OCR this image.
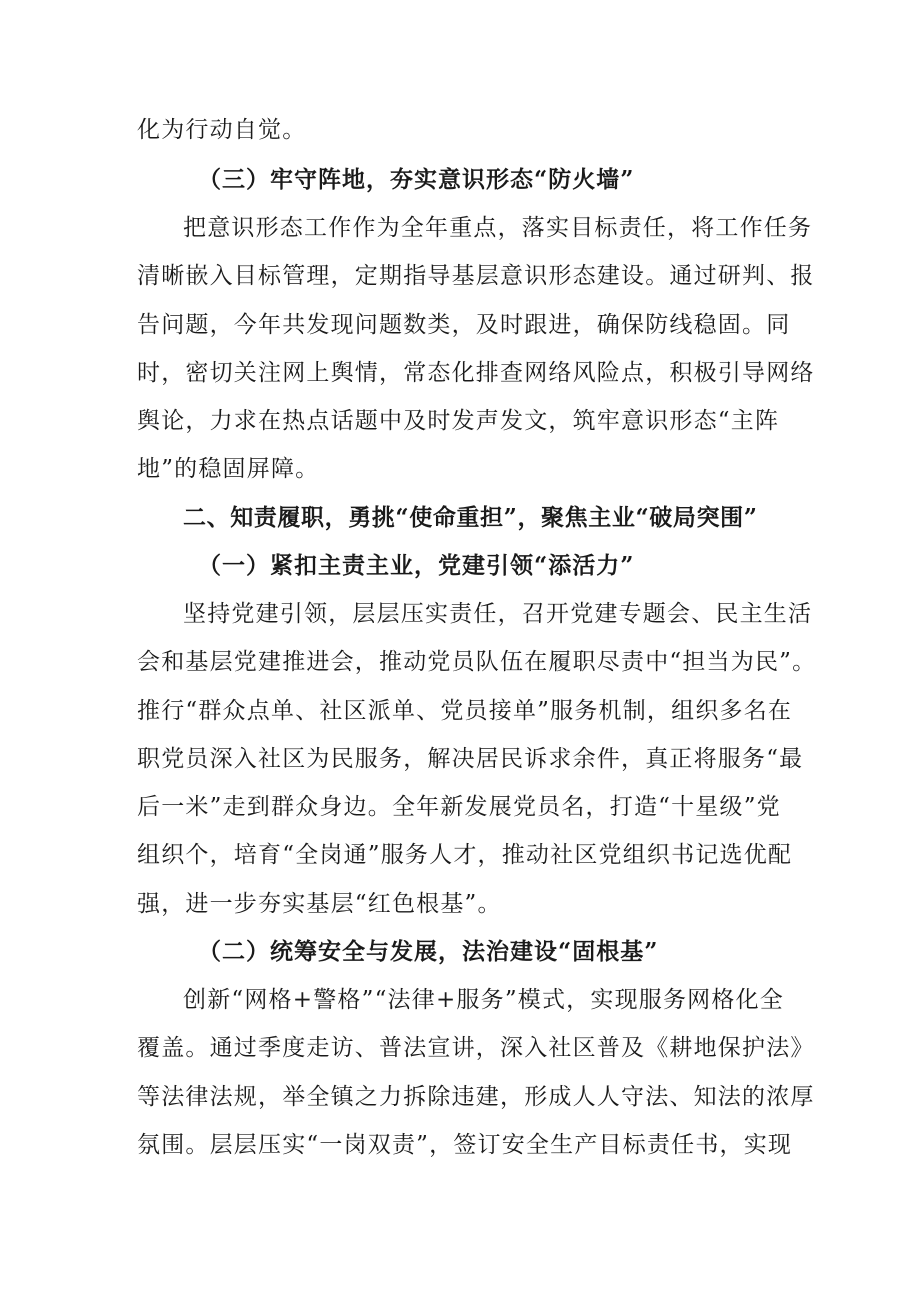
化为行动自觉。
（三）牢守阵地，夯实意识形态“防火墙”
把意识形态工作作为全年重点，落实目标责任，将工作任务
清晰嵌入目标管理，定期指导基层意识形态建设。通过研判、报
告问题，今年共发现问题数类，及时跟进，确保防线稳固。同
时，密切关注网上舆情，常态化排查网络风险点，积极引导网络
舆论，力求在热点话题中及时发声发文，筑牢意识形态“主阵
地”的稳固屏障。
二、知责履职，勇挑“使命重担”，聚焦主业“破局突围”
（一）紧扣主责主业，党建引领“添活力”
坚持党建引领，层层压实责任，召开党建专题会、民主生活
会和基层党建推进会，推动党员队伍在履职尽责中“担当为民”。
推行“群众点单、社区派单、党员接单”服务机制，组织多名在
职党员深入社区为民服务，解决居民诉求余件，真正将服务“最
后一米”走到群众身边。全年新发展党员名，打造“十星级”党
组织个，培育“全岗通”服务人才，推动社区党组织书记选优配
强，进一步夯实基层“红色根基”。
（二）统筹安全与发展，法治建设“固根基”
创新“网格+警格”“法律+服务”模式，实现服务网格化全
覆盖。通过季度走访、普法宣讲，深入社区普及《耕地保护法》
等法律法规，举全镇之力拆除违建，形成人人守法、知法的浓厚
氛围。层层压实“一岗双责”，签订安全生产目标责任书，实现
